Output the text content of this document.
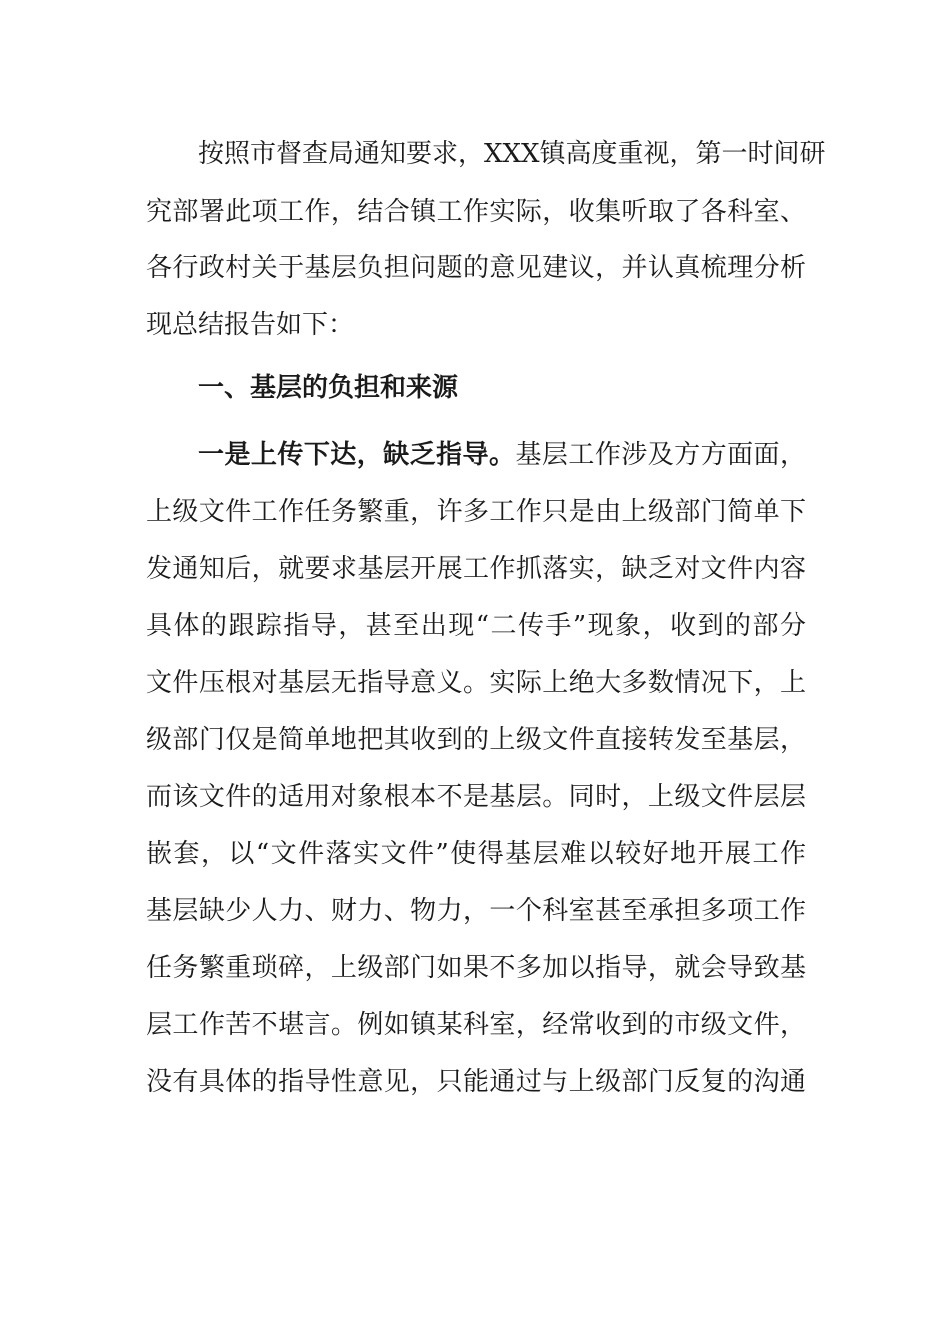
按照市督查局通知要求，XXX镇高度重视，第一时间研

究部署此项工作，结合镇工作实际，收集听取了各科室、

各行政村关于基层负担问题的意见建议，并认真梳理分析

现总结报告如下：

一、基层的负担和来源

一是上传下达，缺乏指导。基层工作涉及方方面面，

上级文件工作任务繁重，许多工作只是由上级部门简单下

发通知后，就要求基层开展工作抓落实，缺乏对文件内容

具体的跟踪指导，甚至出现“二传手”现象，收到的部分

文件压根对基层无指导意义。实际上绝大多数情况下，上

级部门仅是简单地把其收到的上级文件直接转发至基层，

而该文件的适用对象根本不是基层。同时，上级文件层层

嵌套，以“文件落实文件”使得基层难以较好地开展工作

基层缺少人力、财力、物力，一个科室甚至承担多项工作

任务繁重琐碎，上级部门如果不多加以指导，就会导致基

层工作苦不堪言。例如镇某科室，经常收到的市级文件，

没有具体的指导性意见，只能通过与上级部门反复的沟通
